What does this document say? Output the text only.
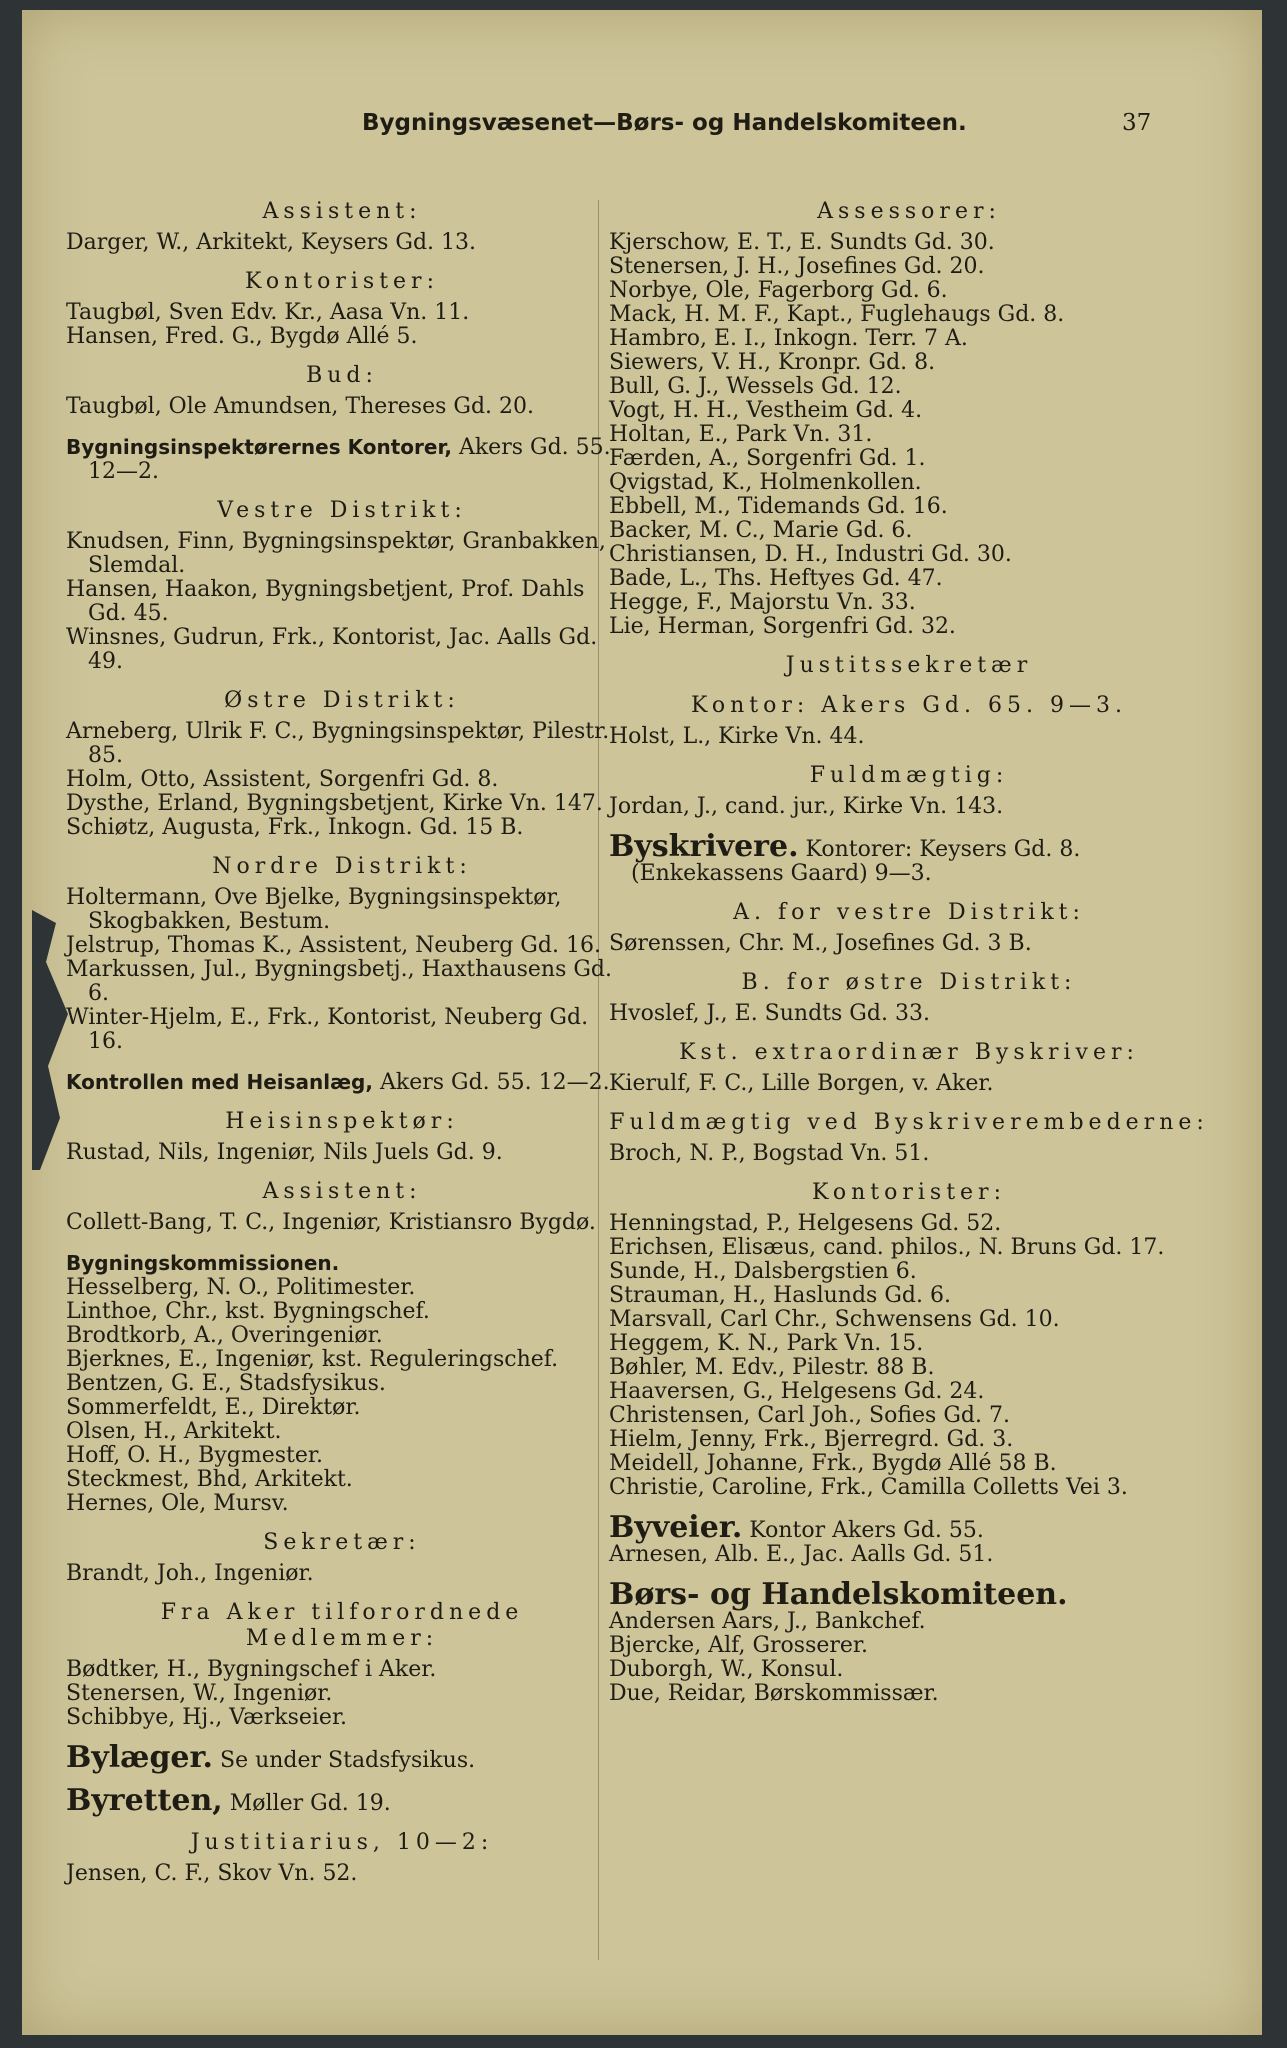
Bygningsvæsenet—Børs- og Handelskomiteen.	37
Assistent:
Darger, W., Arkitekt, Keysers Gd. 13.
Kontorister:
Taugbøl, Sven Edv. Kr., Aasa Vn. 11.
Hansen, Fred. G., Bygdø Allé 5.
Bud:
Taugbøl, Ole Amundsen, Thereses Gd. 20.
Bygningsinspektørernes Kontorer, Akers Gd. 55. 12—2.
Vestre Distrikt:
Knudsen, Finn, Bygningsinspektør, Granbakken, Slemdal.
Hansen, Haakon, Bygningsbetjent, Prof. Dahls Gd. 45.
Winsnes, Gudrun, Frk., Kontorist, Jac. Aalls Gd. 49.
Østre Distrikt:
Arneberg, Ulrik F. C., Bygningsinspektør, Pilestr. 85.
Holm, Otto, Assistent, Sorgenfri Gd. 8.
Dysthe, Erland, Bygningsbetjent, Kirke Vn. 147.
Schiøtz, Augusta, Frk., Inkogn. Gd. 15 B.
Nordre Distrikt:
Holtermann, Ove Bjelke, Bygningsinspektør, Skogbakken, Bestum.
Jelstrup, Thomas K., Assistent, Neuberg Gd. 16.
Markussen, Jul., Bygningsbetj., Haxthausens Gd. 6.
Winter-Hjelm, E., Frk., Kontorist, Neuberg Gd. 16.
Kontrollen med Heisanlæg, Akers Gd. 55. 12—2.
Heisinspektør:
Rustad, Nils, Ingeniør, Nils Juels Gd. 9.
Assistent:
Collett-Bang, T. C., Ingeniør, Kristiansro Bygdø.
Bygningskommissionen.
Hesselberg, N. O., Politimester.
Linthoe, Chr., kst. Bygningschef.
Brodtkorb, A., Overingeniør.
Bjerknes, E., Ingeniør, kst. Reguleringschef.
Bentzen, G. E., Stadsfysikus.
Sommerfeldt, E., Direktør.
Olsen, H., Arkitekt.
Hoff, O. H., Bygmester.
Steckmest, Bhd, Arkitekt.
Hernes, Ole, Mursv.
Sekretær:
Brandt, Joh., Ingeniør.
Fra Aker tilforordnede Medlemmer:
Bødtker, H., Bygningschef i Aker.
Stenersen, W., Ingeniør.
Schibbye, Hj., Værkseier.
Bylæger. Se under Stadsfysikus.
Byretten, Møller Gd. 19.
Justitiarius, 10—2:
Jensen, C. F., Skov Vn. 52.
Assessorer:
Kjerschow, E. T., E. Sundts Gd. 30.
Stenersen, J. H., Josefines Gd. 20.
Norbye, Ole, Fagerborg Gd. 6.
Mack, H. M. F., Kapt., Fuglehaugs Gd. 8.
Hambro, E. I., Inkogn. Terr. 7 A.
Siewers, V. H., Kronpr. Gd. 8.
Bull, G. J., Wessels Gd. 12.
Vogt, H. H., Vestheim Gd. 4.
Holtan, E., Park Vn. 31.
Færden, A., Sorgenfri Gd. 1.
Qvigstad, K., Holmenkollen.
Ebbell, M., Tidemands Gd. 16.
Backer, M. C., Marie Gd. 6.
Christiansen, D. H., Industri Gd. 30.
Bade, L., Ths. Heftyes Gd. 47.
Hegge, F., Majorstu Vn. 33.
Lie, Herman, Sorgenfri Gd. 32.
Justitssekretær
Kontor: Akers Gd. 65. 9—3.
Holst, L., Kirke Vn. 44.
Fuldmægtig:
Jordan, J., cand. jur., Kirke Vn. 143.
Byskrivere. Kontorer: Keysers Gd. 8. (Enkekassens Gaard) 9—3.
A. for vestre Distrikt:
Sørenssen, Chr. M., Josefines Gd. 3 B.
B. for østre Distrikt:
Hvoslef, J., E. Sundts Gd. 33.
Kst. extraordinær Byskriver:
Kierulf, F. C., Lille Borgen, v. Aker.
Fuldmægtig ved Byskriverembederne:
Broch, N. P., Bogstad Vn. 51.
Kontorister:
Henningstad, P., Helgesens Gd. 52.
Erichsen, Elisæus, cand. philos., N. Bruns Gd. 17.
Sunde, H., Dalsbergstien 6.
Strauman, H., Haslunds Gd. 6.
Marsvall, Carl Chr., Schwensens Gd. 10.
Heggem, K. N., Park Vn. 15.
Bøhler, M. Edv., Pilestr. 88 B.
Haaversen, G., Helgesens Gd. 24.
Christensen, Carl Joh., Sofies Gd. 7.
Hielm, Jenny, Frk., Bjerregrd. Gd. 3.
Meidell, Johanne, Frk., Bygdø Allé 58 B.
Christie, Caroline, Frk., Camilla Colletts Vei 3.
Byveier. Kontor Akers Gd. 55.
Arnesen, Alb. E., Jac. Aalls Gd. 51.
Børs- og Handelskomiteen.
Andersen Aars, J., Bankchef.
Bjercke, Alf, Grosserer.
Duborgh, W., Konsul.
Due, Reidar, Børskommissær.
